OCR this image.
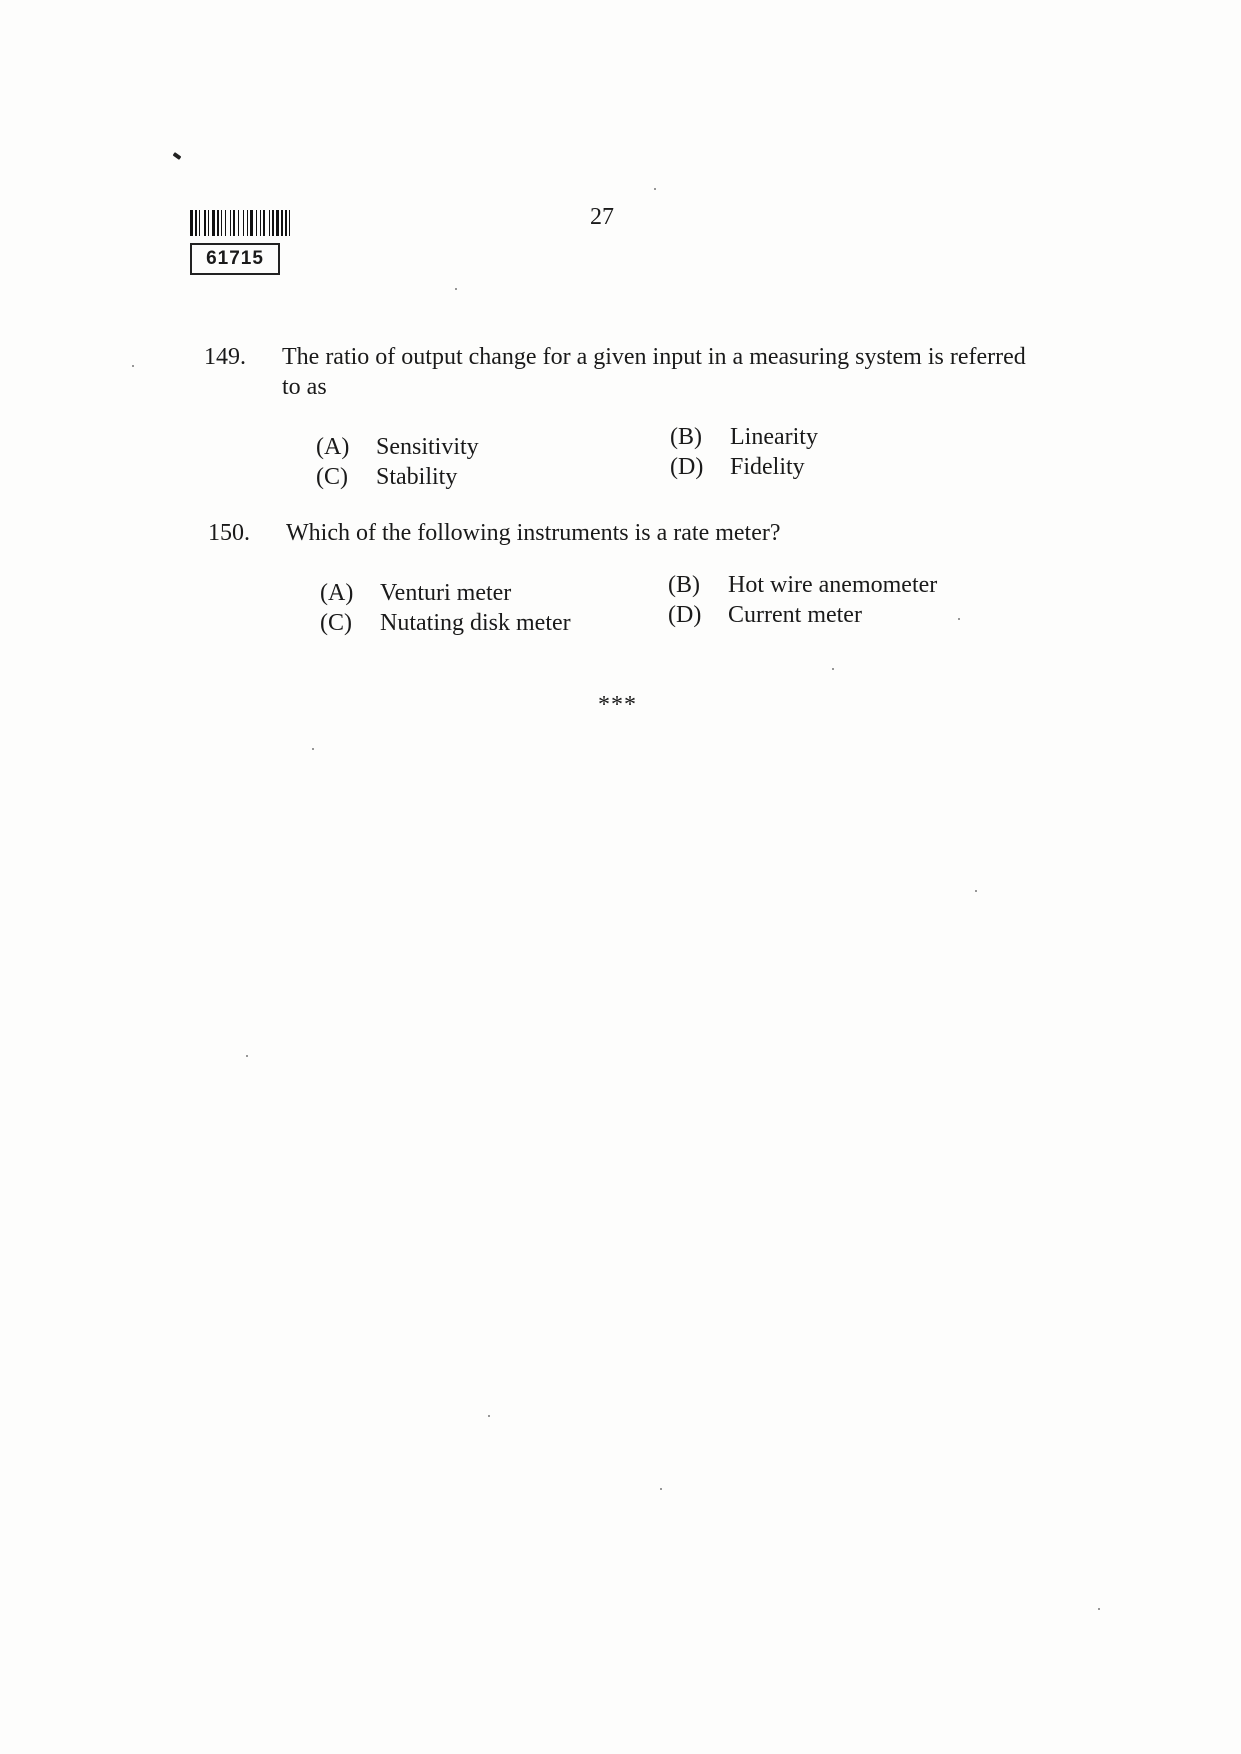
61715
27
149. The ratio of output change for a given input in a measuring system is referred to as
(A) Sensitivity	(B) Linearity
(C) Stability	(D) Fidelity
150. Which of the following instruments is a rate meter?
(A) Venturi meter	(B) Hot wire anemometer
(C) Nutating disk meter	(D) Current meter
***
